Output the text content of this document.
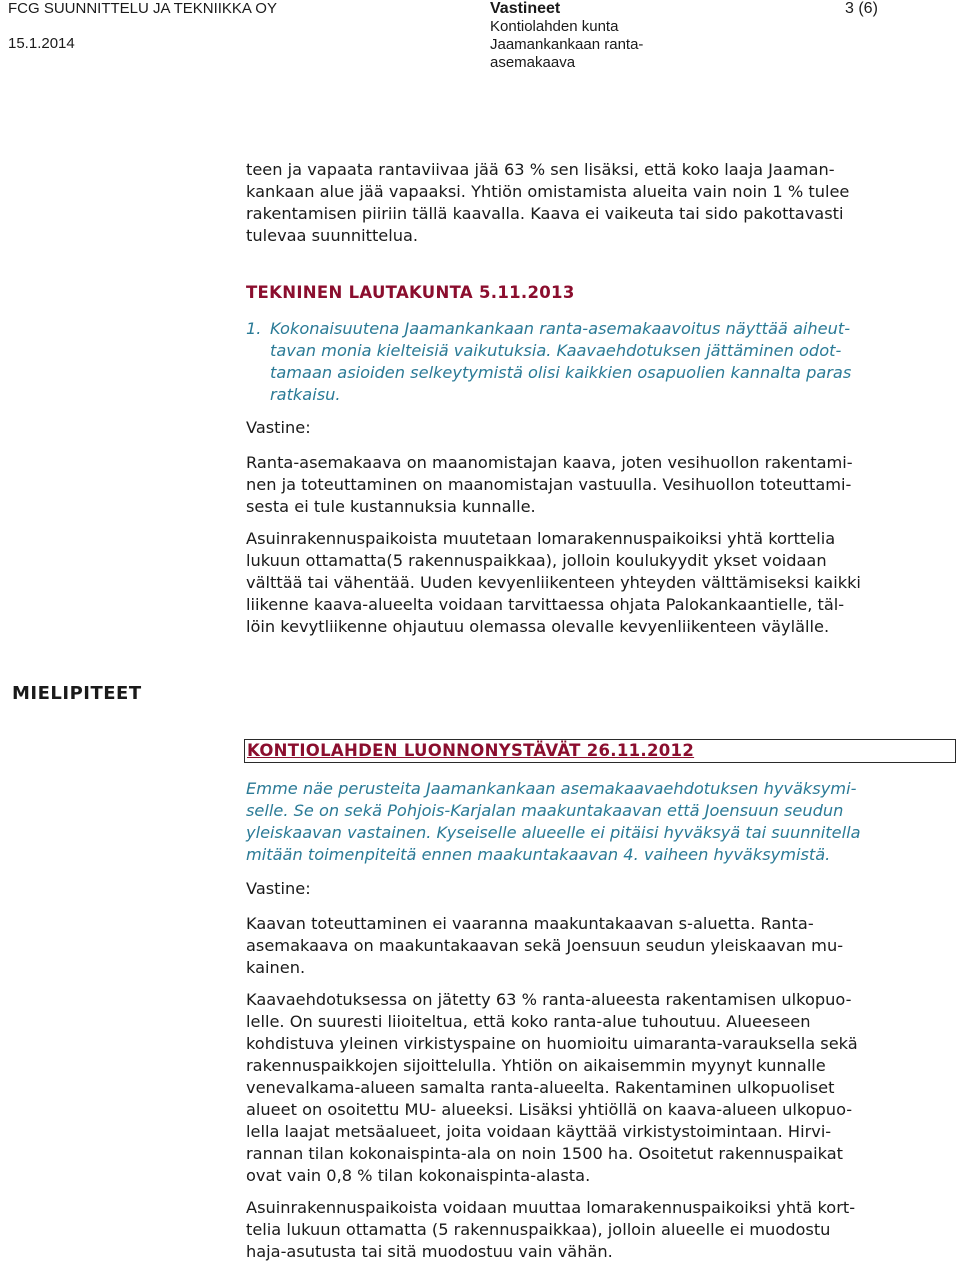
FCG SUUNNITTELU JA TEKNIIKKA OY
15.1.2014
Vastineet
Kontiolahden kunta
Jaamankankaan ranta-
asemakaava
3 (6)

teen ja vapaata rantaviivaa jää 63 % sen lisäksi, että koko laaja Jaaman-

kankaan alue jää vapaaksi. Yhtiön omistamista alueita vain noin 1 % tulee

rakentamisen piiriin tällä kaavalla. Kaava ei vaikeuta tai sido pakottavasti

tulevaa suunnittelua.

TEKNINEN LAUTAKUNTA 5.11.2013

1. Kokonaisuutena Jaamankankaan ranta-asemakaavoitus näyttää aiheut-

tavan monia kielteisiä vaikutuksia. Kaavaehdotuksen jättäminen odot-

tamaan asioiden selkeytymistä olisi kaikkien osapuolien kannalta paras

ratkaisu.

Vastine:

Ranta-asemakaava on maanomistajan kaava, joten vesihuollon rakentami-

nen ja toteuttaminen on maanomistajan vastuulla. Vesihuollon toteuttami-

sesta ei tule kustannuksia kunnalle.

Asuinrakennuspaikoista muutetaan lomarakennuspaikoiksi yhtä korttelia

lukuun ottamatta(5 rakennuspaikkaa), jolloin koulukyydit ykset voidaan

välttää tai vähentää. Uuden kevyenliikenteen yhteyden välttämiseksi kaikki

liikenne kaava-alueelta voidaan tarvittaessa ohjata Palokankaantielle, täl-

löin kevytliikenne ohjautuu olemassa olevalle kevyenliikenteen väylälle.

MIELIPITEET
KONTIOLAHDEN LUONNONYSTÄVÄT 26.11.2012

Emme näe perusteita Jaamankankaan asemakaavaehdotuksen hyväksymi-

selle. Se on sekä Pohjois-Karjalan maakuntakaavan että Joensuun seudun

yleiskaavan vastainen. Kyseiselle alueelle ei pitäisi hyväksyä tai suunnitella

mitään toimenpiteitä ennen maakuntakaavan 4. vaiheen hyväksymistä.

Vastine:

Kaavan toteuttaminen ei vaaranna maakuntakaavan s-aluetta. Ranta-

asemakaava on maakuntakaavan sekä Joensuun seudun yleiskaavan mu-

kainen.

Kaavaehdotuksessa on jätetty 63 % ranta-alueesta rakentamisen ulkopuo-

lelle. On suuresti liioiteltua, että koko ranta-alue tuhoutuu. Alueeseen

kohdistuva yleinen virkistyspaine on huomioitu uimaranta-varauksella sekä

rakennuspaikkojen sijoittelulla. Yhtiön on aikaisemmin myynyt kunnalle

venevalkama-alueen samalta ranta-alueelta. Rakentaminen ulkopuoliset

alueet on osoitettu MU- alueeksi. Lisäksi yhtiöllä on kaava-alueen ulkopuo-

lella laajat metsäalueet, joita voidaan käyttää virkistystoimintaan. Hirvi-

rannan tilan kokonaispinta-ala on noin 1500 ha. Osoitetut rakennuspaikat

ovat vain 0,8 % tilan kokonaispinta-alasta.

Asuinrakennuspaikoista voidaan muuttaa lomarakennuspaikoiksi yhtä kort-

telia lukuun ottamatta (5 rakennuspaikkaa), jolloin alueelle ei muodostu

haja-asutusta tai sitä muodostuu vain vähän.
